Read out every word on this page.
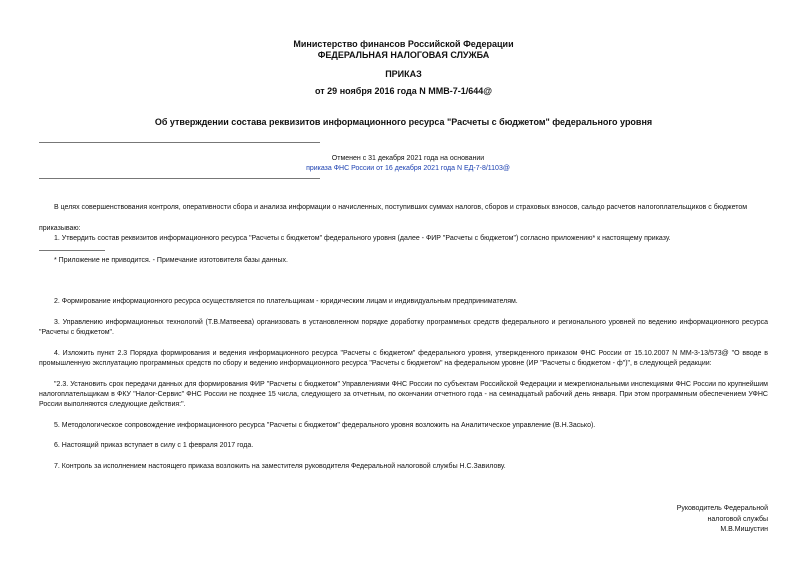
Министерство финансов Российской Федерации
ФЕДЕРАЛЬНАЯ НАЛОГОВАЯ СЛУЖБА
ПРИКАЗ
от 29 ноября 2016 года N ММВ-7-1/644@
Об утверждении состава реквизитов информационного ресурса "Расчеты с бюджетом" федерального уровня
Отменен с 31 декабря 2021 года на основании
приказа ФНС России от 16 декабря 2021 года N ЕД-7-8/1103@
В целях совершенствования контроля, оперативности сбора и анализа информации о начисленных, поступивших суммах налогов, сборов и страховых взносов, сальдо расчетов налогоплательщиков с бюджетом
приказываю:
1. Утвердить состав реквизитов информационного ресурса "Расчеты с бюджетом" федерального уровня (далее - ФИР "Расчеты с бюджетом") согласно приложению* к настоящему приказу.
* Приложение не приводится. - Примечание изготовителя базы данных.
2. Формирование информационного ресурса осуществляется по плательщикам - юридическим лицам и индивидуальным предпринимателям.
3. Управлению информационных технологий (Т.В.Матвеева) организовать в установленном порядке доработку программных средств федерального и регионального уровней по ведению информационного ресурса "Расчеты с бюджетом".
4. Изложить пункт 2.3 Порядка формирования и ведения информационного ресурса "Расчеты с бюджетом" федерального уровня, утвержденного приказом ФНС России от 15.10.2007 N ММ-3-13/573@ "О вводе в промышленную эксплуатацию программных средств по сбору и ведению информационного ресурса "Расчеты с бюджетом" на федеральном уровне (ИР "Расчеты с бюджетом - ф")", в следующей редакции:
"2.3. Установить срок передачи данных для формирования ФИР "Расчеты с бюджетом" Управлениями ФНС России по субъектам Российской Федерации и межрегиональными инспекциями ФНС России по крупнейшим налогоплательщикам в ФКУ "Налог-Сервис" ФНС России не позднее 15 числа, следующего за отчетным, по окончании отчетного года - на семнадцатый рабочий день января. При этом программным обеспечением УФНС России выполняются следующие действия:".
5. Методологическое сопровождение информационного ресурса "Расчеты с бюджетом" федерального уровня возложить на Аналитическое управление (В.Н.Засько).
6. Настоящий приказ вступает в силу с 1 февраля 2017 года.
7. Контроль за исполнением настоящего приказа возложить на заместителя руководителя Федеральной налоговой службы Н.С.Завилову.
Руководитель Федеральной
налоговой службы
М.В.Мишустин
